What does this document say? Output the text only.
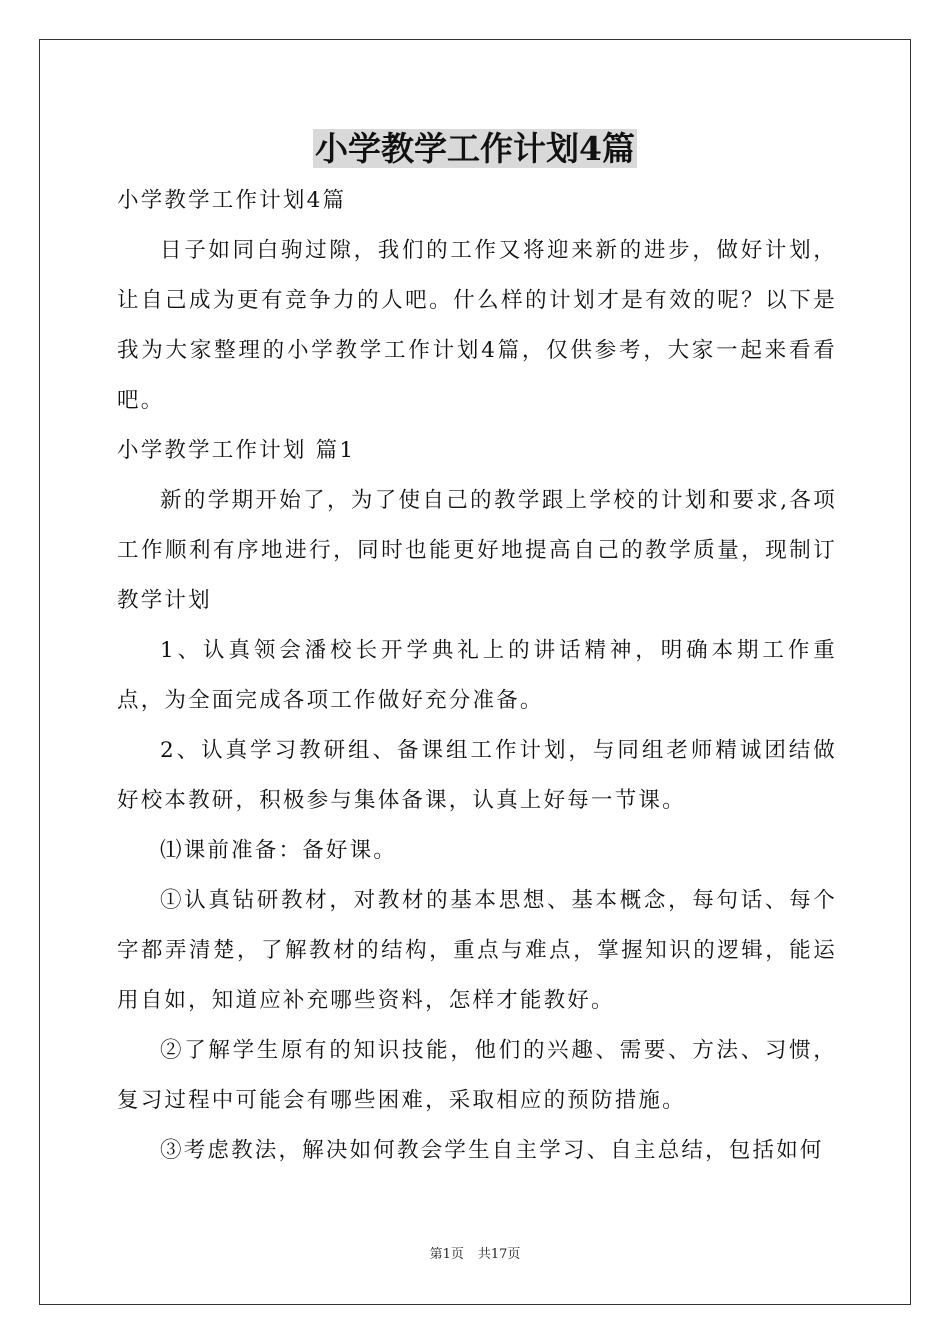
小学教学工作计划4篇

小学教学工作计划4篇

日子如同白驹过隙，我们的工作又将迎来新的进步，做好计划，让自己成为更有竞争力的人吧。什么样的计划才是有效的呢？以下是我为大家整理的小学教学工作计划4篇，仅供参考，大家一起来看看吧。

小学教学工作计划 篇1

新的学期开始了，为了使自己的教学跟上学校的计划和要求,各项工作顺利有序地进行，同时也能更好地提高自己的教学质量，现制订教学计划

1、认真领会潘校长开学典礼上的讲话精神，明确本期工作重点，为全面完成各项工作做好充分准备。

2、认真学习教研组、备课组工作计划，与同组老师精诚团结做好校本教研，积极参与集体备课，认真上好每一节课。

⑴课前准备：备好课。

①认真钻研教材，对教材的基本思想、基本概念，每句话、每个字都弄清楚，了解教材的结构，重点与难点，掌握知识的逻辑，能运用自如，知道应补充哪些资料，怎样才能教好。

②了解学生原有的知识技能，他们的兴趣、需要、方法、习惯，复习过程中可能会有哪些困难，采取相应的预防措施。

③考虑教法，解决如何教会学生自主学习、自主总结，包括如何

第1页 共17页
